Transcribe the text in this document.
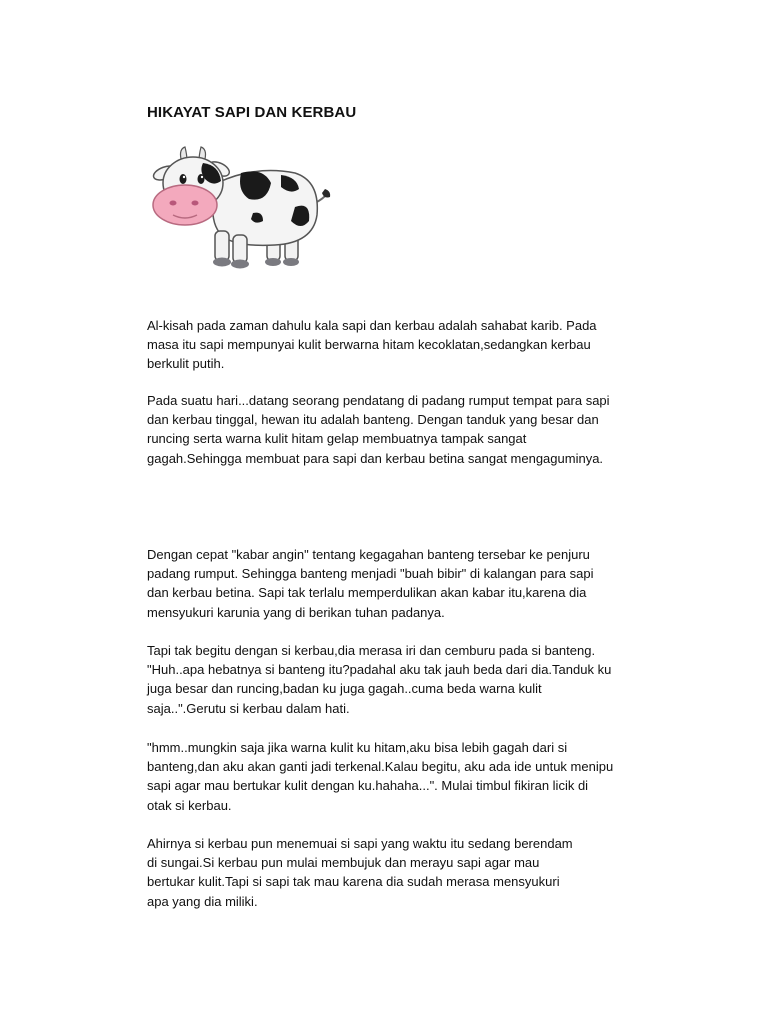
HIKAYAT SAPI DAN KERBAU

Al-kisah pada zaman dahulu kala sapi dan kerbau adalah sahabat karib. Pada
masa itu sapi mempunyai kulit berwarna hitam kecoklatan,sedangkan kerbau
berkulit putih.

Pada suatu hari...datang seorang pendatang di padang rumput tempat para sapi
dan kerbau tinggal, hewan itu adalah banteng. Dengan tanduk yang besar dan
runcing serta warna kulit hitam gelap membuatnya tampak sangat
gagah.Sehingga membuat para sapi dan kerbau betina sangat mengaguminya.

Dengan cepat "kabar angin" tentang kegagahan banteng tersebar ke penjuru
padang rumput. Sehingga banteng menjadi "buah bibir" di kalangan para sapi
dan kerbau betina. Sapi tak terlalu memperdulikan akan kabar itu,karena dia
mensyukuri karunia yang di berikan tuhan padanya.

Tapi tak begitu dengan si kerbau,dia merasa iri dan cemburu pada si banteng.
"Huh..apa hebatnya si banteng itu?padahal aku tak jauh beda dari dia.Tanduk ku
juga besar dan runcing,badan ku juga gagah..cuma beda warna kulit
saja..".Gerutu si kerbau dalam hati.

"hmm..mungkin saja jika warna kulit ku hitam,aku bisa lebih gagah dari si
banteng,dan aku akan ganti jadi terkenal.Kalau begitu, aku ada ide untuk menipu
sapi agar mau bertukar kulit dengan ku.hahaha...". Mulai timbul fikiran licik di
otak si kerbau.

Ahirnya si kerbau pun menemuai si sapi yang waktu itu sedang berendam
di sungai.Si kerbau pun mulai membujuk dan merayu sapi agar mau
bertukar kulit.Tapi si sapi tak mau karena dia sudah merasa mensyukuri
apa yang dia miliki.
